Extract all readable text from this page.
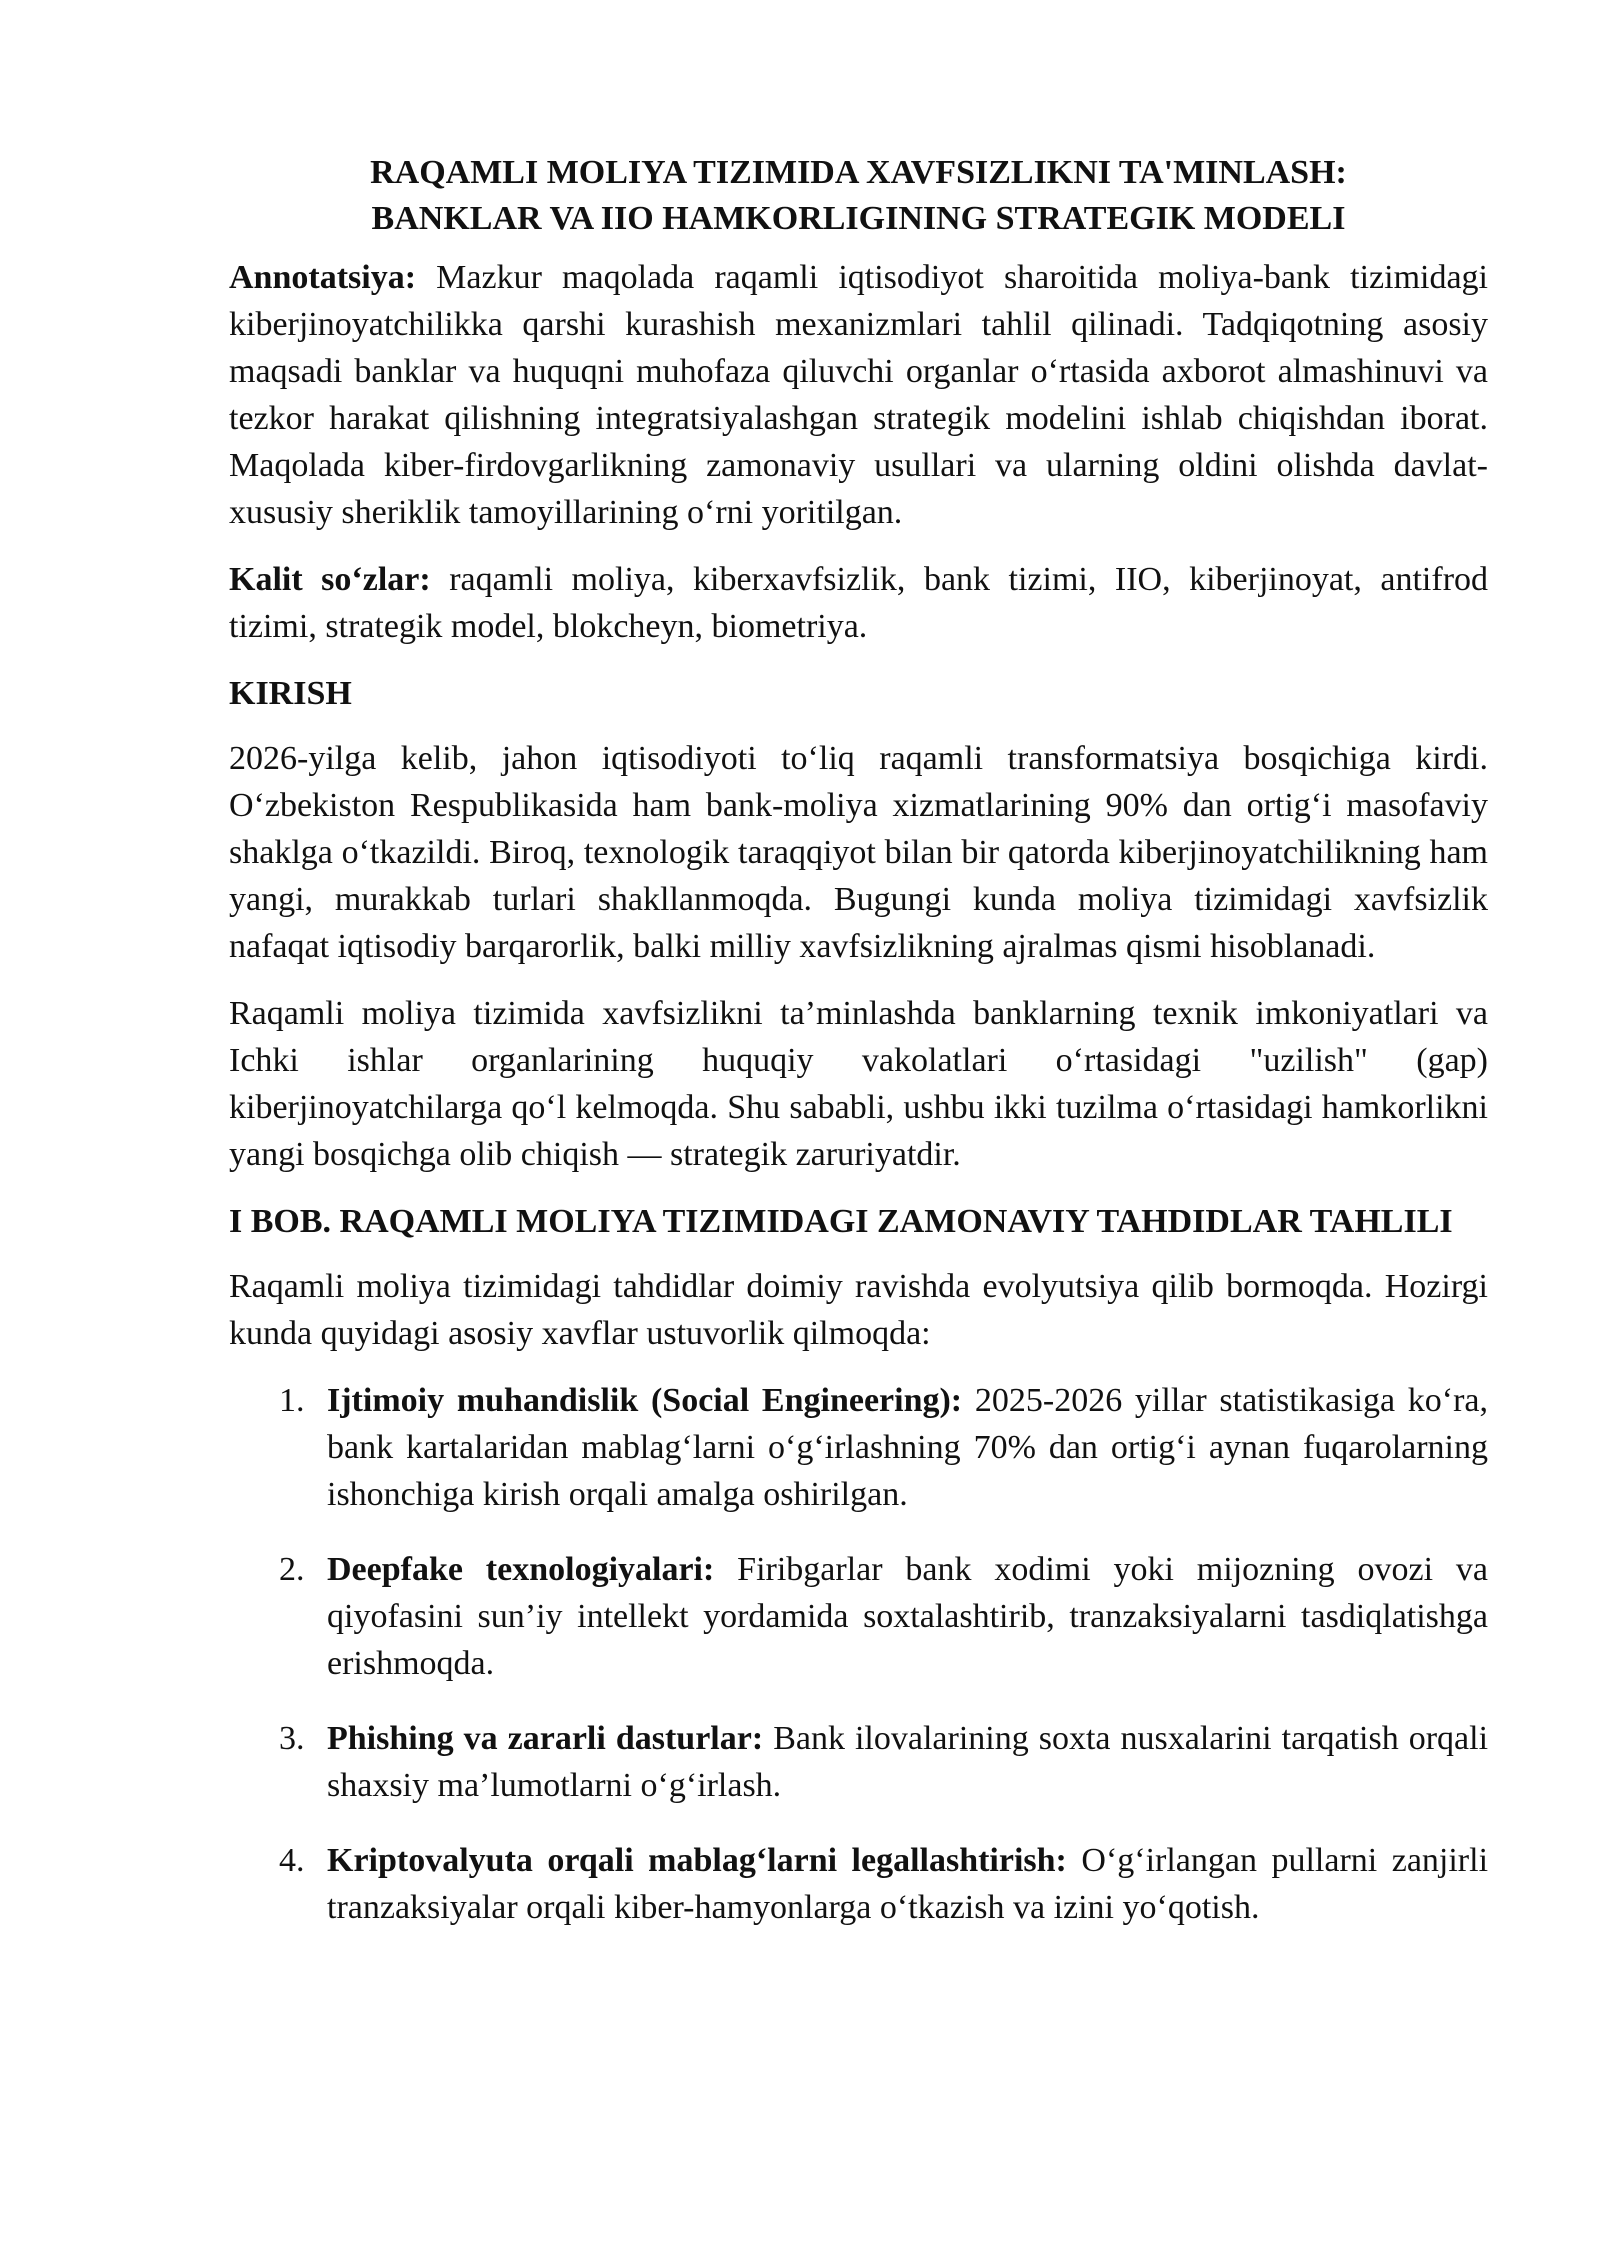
RAQAMLI MOLIYA TIZIMIDA XAVFSIZLIKNI TA'MINLASH:
BANKLAR VA IIO HAMKORLIGINING STRATEGIK MODELI

Annotatsiya: Mazkur maqolada raqamli iqtisodiyot sharoitida moliya-bank tizimidagi kiberjinoyatchilikka qarshi kurashish mexanizmlari tahlil qilinadi. Tadqiqotning asosiy maqsadi banklar va huquqni muhofaza qiluvchi organlar o‘rtasida axborot almashinuvi va tezkor harakat qilishning integratsiyalashgan strategik modelini ishlab chiqishdan iborat. Maqolada kiber-firdovgarlikning zamonaviy usullari va ularning oldini olishda davlat-xususiy sheriklik tamoyillarining o‘rni yoritilgan.

Kalit so‘zlar: raqamli moliya, kiberxavfsizlik, bank tizimi, IIO, kiberjinoyat, antifrod tizimi, strategik model, blokcheyn, biometriya.

KIRISH

2026-yilga kelib, jahon iqtisodiyoti to‘liq raqamli transformatsiya bosqichiga kirdi. O‘zbekiston Respublikasida ham bank-moliya xizmatlarining 90% dan ortig‘i masofaviy shaklga o‘tkazildi. Biroq, texnologik taraqqiyot bilan bir qatorda kiberjinoyatchilikning ham yangi, murakkab turlari shakllanmoqda. Bugungi kunda moliya tizimidagi xavfsizlik nafaqat iqtisodiy barqarorlik, balki milliy xavfsizlikning ajralmas qismi hisoblanadi.

Raqamli moliya tizimida xavfsizlikni ta’minlashda banklarning texnik imkoniyatlari va Ichki ishlar organlarining huquqiy vakolatlari o‘rtasidagi "uzilish" (gap) kiberjinoyatchilarga qo‘l kelmoqda. Shu sababli, ushbu ikki tuzilma o‘rtasidagi hamkorlikni yangi bosqichga olib chiqish — strategik zaruriyatdir.

I BOB. RAQAMLI MOLIYA TIZIMIDAGI ZAMONAVIY TAHDIDLAR TAHLILI

Raqamli moliya tizimidagi tahdidlar doimiy ravishda evolyutsiya qilib bormoqda. Hozirgi kunda quyidagi asosiy xavflar ustuvorlik qilmoqda:

1. Ijtimoiy muhandislik (Social Engineering): 2025-2026 yillar statistikasiga ko‘ra, bank kartalaridan mablag‘larni o‘g‘irlashning 70% dan ortig‘i aynan fuqarolarning ishonchiga kirish orqali amalga oshirilgan.
2. Deepfake texnologiyalari: Firibgarlar bank xodimi yoki mijozning ovozi va qiyofasini sun’iy intellekt yordamida soxtalashtirib, tranzaksiyalarni tasdiqlatishga erishmoqda.
3. Phishing va zararli dasturlar: Bank ilovalarining soxta nusxalarini tarqatish orqali shaxsiy ma’lumotlarni o‘g‘irlash.
4. Kriptovalyuta orqali mablag‘larni legallashtirish: O‘g‘irlangan pullarni zanjirli tranzaksiyalar orqali kiber-hamyonlarga o‘tkazish va izini yo‘qotish.
